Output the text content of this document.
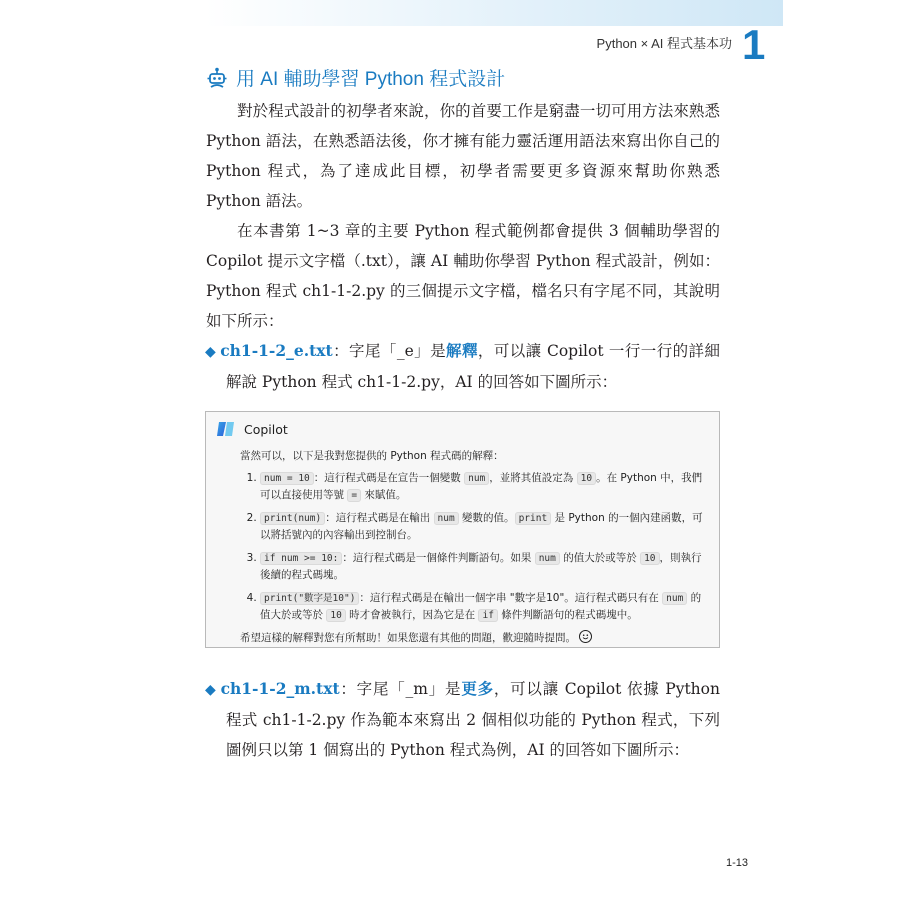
Python × AI 程式基本功 1
用 AI 輔助學習 Python 程式設計

對於程式設計的初學者來說，你的首要工作是窮盡一切可用方法來熟悉 Python 語法，在熟悉語法後，你才擁有能力靈活運用語法來寫出你自己的 Python 程式，為了達成此目標，初學者需要更多資源來幫助你熟悉 Python 語法。

在本書第 1~3 章的主要 Python 程式範例都會提供 3 個輔助學習的 Copilot 提示文字檔（.txt），讓 AI 輔助你學習 Python 程式設計，例如：Python 程式 ch1-1-2.py 的三個提示文字檔，檔名只有字尾不同，其說明如下所示：

◆ ch1-1-2_e.txt：字尾「_e」是解釋，可以讓 Copilot 一行一行的詳細解說 Python 程式 ch1-1-2.py，AI 的回答如下圖所示：

Copilot

當然可以，以下是我對您提供的 Python 程式碼的解釋：

1. num = 10 ：這行程式碼是在宣告一個變數 num ，並將其值設定為 10 。在 Python 中，我們可以直接使用等號 = 來賦值。
2. print(num) ：這行程式碼是在輸出 num 變數的值。 print 是 Python 的一個內建函數，可以將括號內的內容輸出到控制台。
3. if num >= 10: ：這行程式碼是一個條件判斷語句。如果 num 的值大於或等於 10 ，則執行後續的程式碼塊。
4. print("數字是10") ：這行程式碼是在輸出一個字串 "數字是10"。這行程式碼只有在 num 的值大於或等於 10 時才會被執行，因為它是在 if 條件判斷語句的程式碼塊中。

希望這樣的解釋對您有所幫助！如果您還有其他的問題，歡迎隨時提問。

◆ ch1-1-2_m.txt：字尾「_m」是更多，可以讓 Copilot 依據 Python 程式 ch1-1-2.py 作為範本來寫出 2 個相似功能的 Python 程式，下列圖例只以第 1 個寫出的 Python 程式為例，AI 的回答如下圖所示：

1-13
